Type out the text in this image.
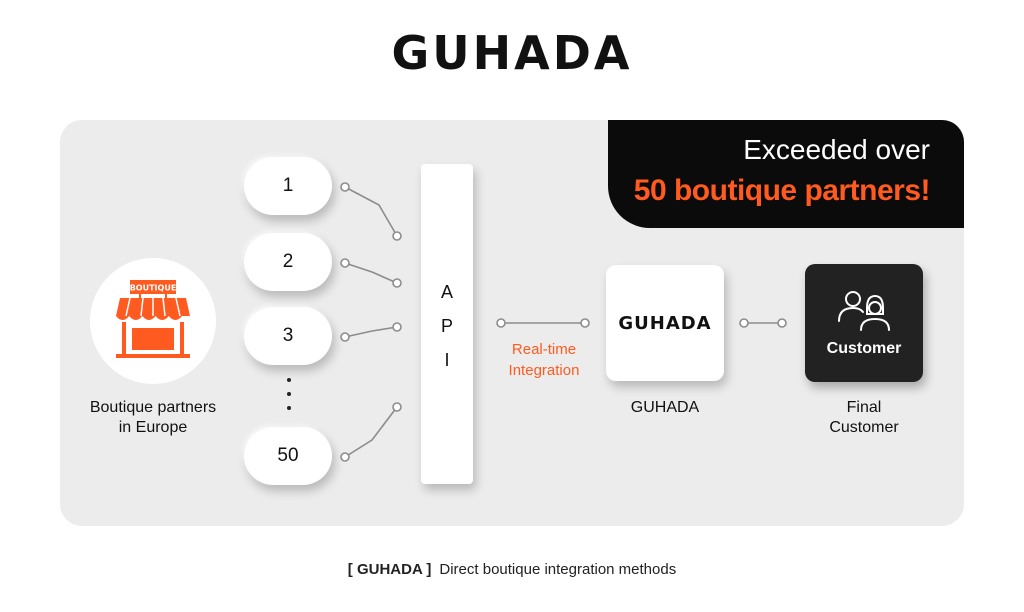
GUHADA
Exceeded over
50 boutique partners!
BOUTIQUE
Boutique partners
in Europe
1
2
3
50
A
P
I
Real-time
Integration
GUHADA
GUHADA
Customer
Final
Customer
[ GUHADA ] Direct boutique integration methods
